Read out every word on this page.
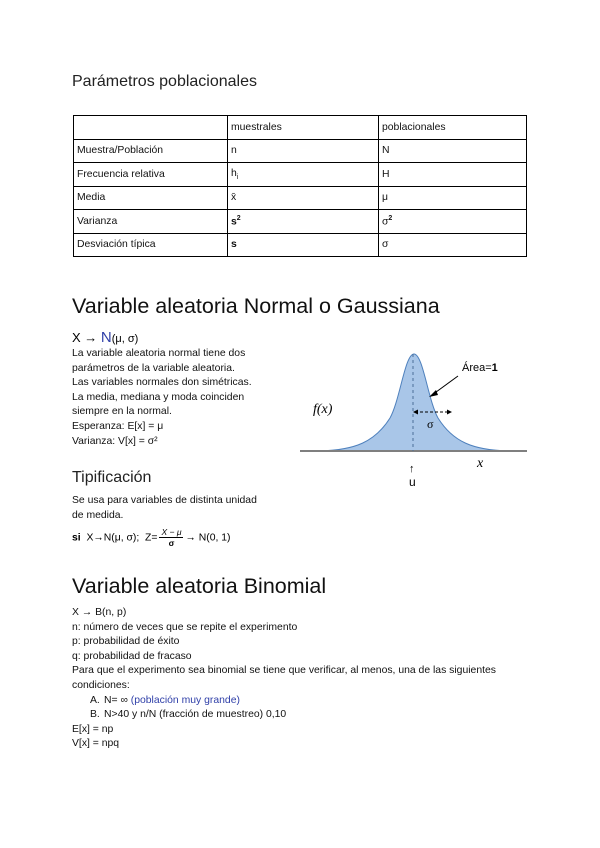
Parámetros poblacionales
	muestrales	poblacionales
Muestra/Población	n	N
Frecuencia relativa	$h_i$	H
Media	x̄	μ
Varianza	$s^2$	$\sigma^2$
Desviación típica	s	σ
Variable aleatoria Normal o Gaussiana
X → N(μ, σ)
La variable aleatoria normal tiene dos
parámetros de la variable aleatoria.
Las variables normales don simétricas.
La media, mediana y moda coinciden
siempre en la normal.
Esperanza: E[x] = μ
Varianza: V[x] = σ²
f(x)
Área=1
σ
x
↑
u
Tipificación
Se usa para variables de distinta unidad
de medida.
si X→N(μ, σ); $Z= \frac{X - \mu}{\sigma} \to N(0$, 1)
Variable aleatoria Binomial
X → B(n, p)
n: número de veces que se repite el experimento
p: probabilidad de éxito
q: probabilidad de fracaso
Para que el experimento sea binomial se tiene que verificar, al menos, una de las siguientes
condiciones:
A. N= ∞ (población muy grande)
B. N>40 y n/N (fracción de muestreo) 0,10
E[x] = np
V[x] = npq
